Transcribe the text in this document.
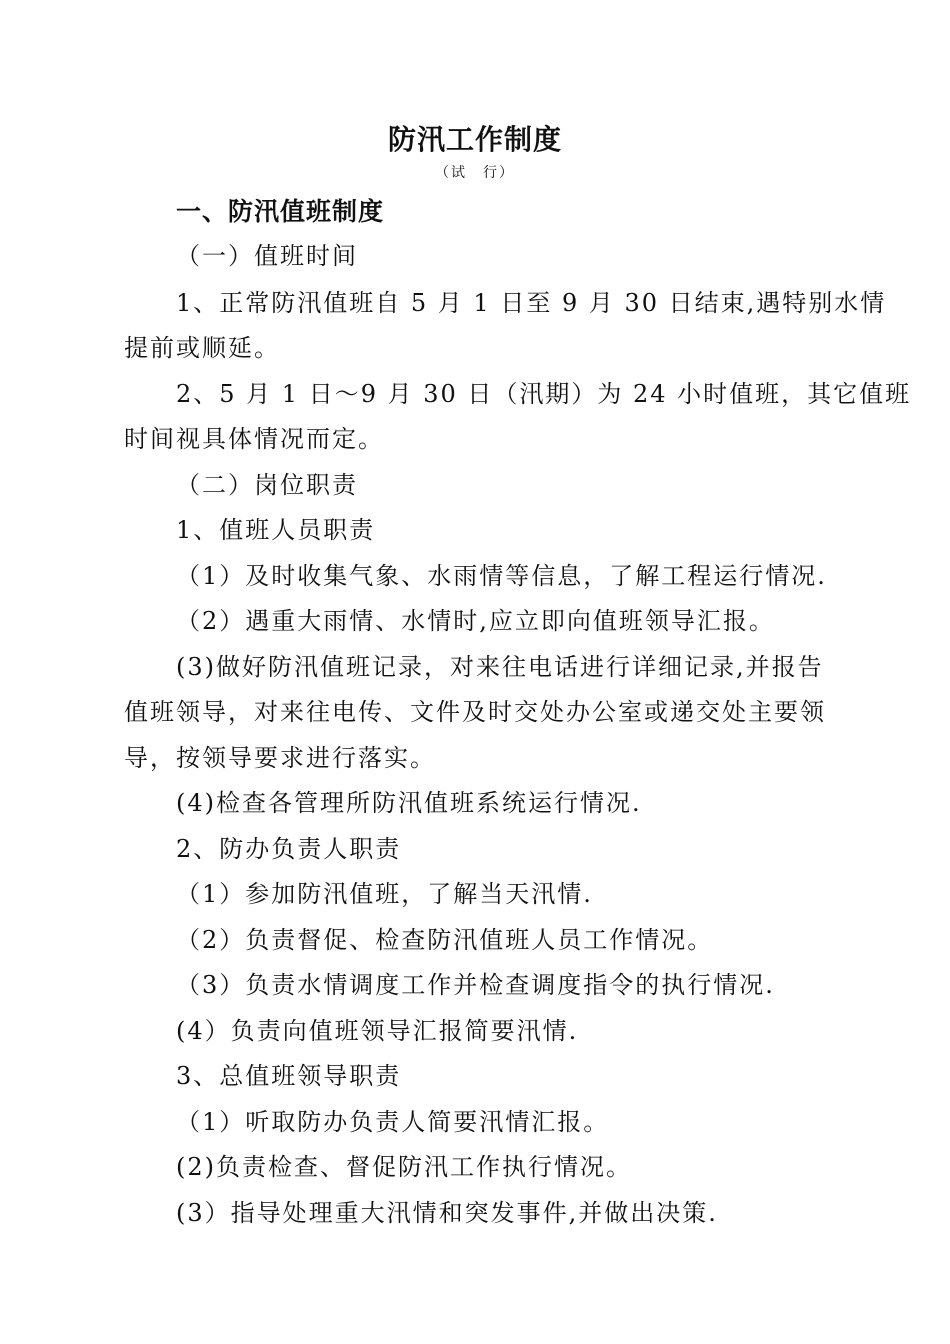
防汛工作制度
（试　行）
一、防汛值班制度
（一）值班时间
1、正常防汛值班自 5 月 1 日至 9 月 30 日结束,遇特别水情
提前或顺延。
2、5 月 1 日～9 月 30 日（汛期）为 24 小时值班，其它值班
时间视具体情况而定。
（二）岗位职责
1、值班人员职责
（1）及时收集气象、水雨情等信息，了解工程运行情况.
（2）遇重大雨情、水情时,应立即向值班领导汇报。
(3)做好防汛值班记录，对来往电话进行详细记录,并报告
值班领导，对来往电传、文件及时交处办公室或递交处主要领
导，按领导要求进行落实。
(4)检查各管理所防汛值班系统运行情况.
2、防办负责人职责
（1）参加防汛值班，了解当天汛情.
（2）负责督促、检查防汛值班人员工作情况。
（3）负责水情调度工作并检查调度指令的执行情况.
(4）负责向值班领导汇报简要汛情.
3、总值班领导职责
（1）听取防办负责人简要汛情汇报。
(2)负责检查、督促防汛工作执行情况。
(3）指导处理重大汛情和突发事件,并做出决策.
